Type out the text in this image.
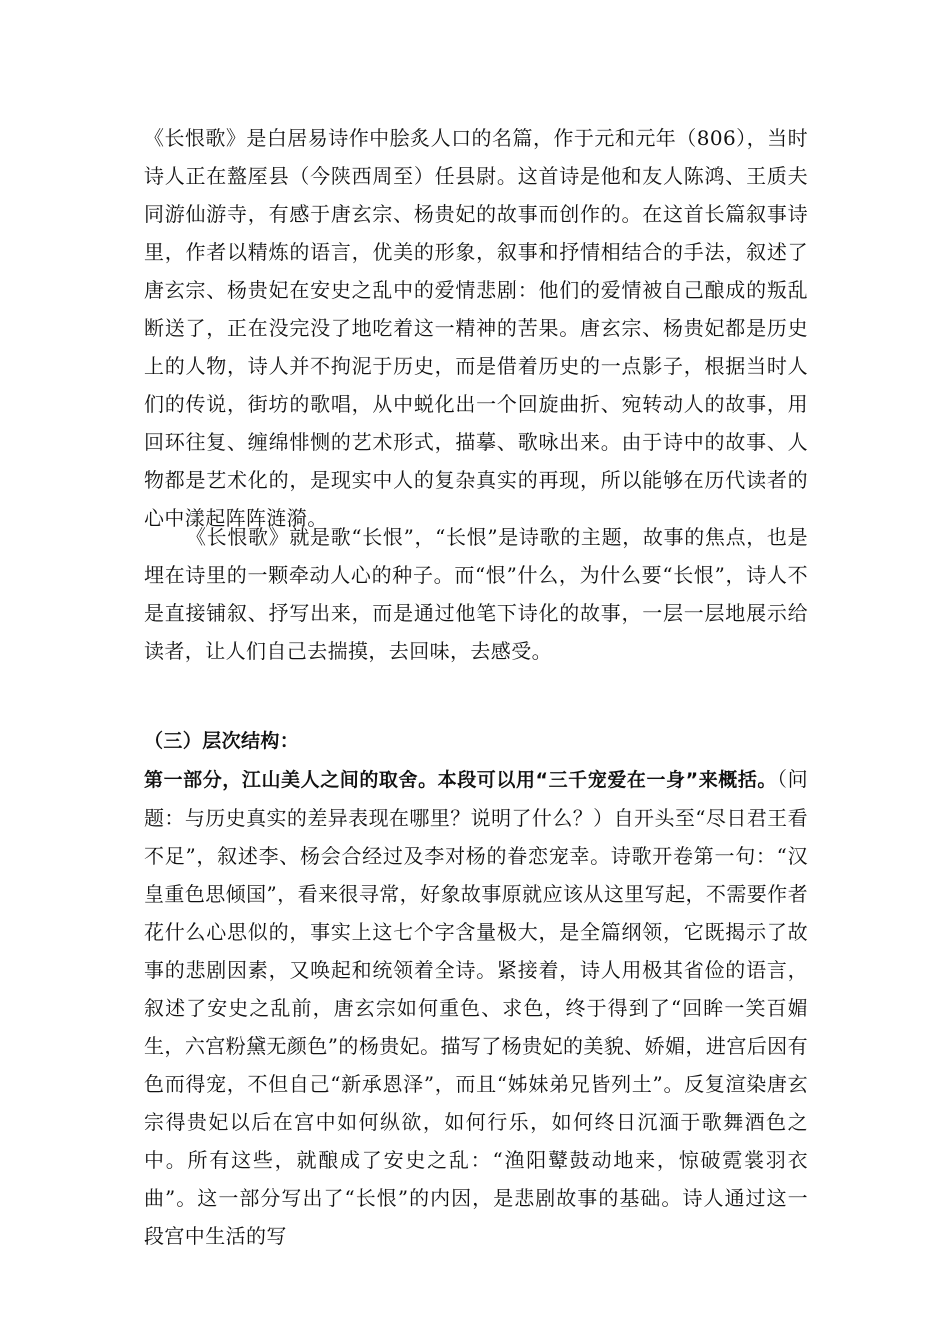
《长恨歌》是白居易诗作中脍炙人口的名篇，作于元和元年（806），当时诗人正在盩厔县（今陕西周至）任县尉。这首诗是他和友人陈鸿、王质夫同游仙游寺，有感于唐玄宗、杨贵妃的故事而创作的。在这首长篇叙事诗里，作者以精炼的语言，优美的形象，叙事和抒情相结合的手法，叙述了唐玄宗、杨贵妃在安史之乱中的爱情悲剧：他们的爱情被自己酿成的叛乱断送了，正在没完没了地吃着这一精神的苦果。唐玄宗、杨贵妃都是历史上的人物，诗人并不拘泥于历史，而是借着历史的一点影子，根据当时人们的传说，街坊的歌唱，从中蜕化出一个回旋曲折、宛转动人的故事，用回环往复、缠绵悱恻的艺术形式，描摹、歌咏出来。由于诗中的故事、人物都是艺术化的，是现实中人的复杂真实的再现，所以能够在历代读者的心中漾起阵阵涟漪。

《长恨歌》就是歌“长恨”，“长恨”是诗歌的主题，故事的焦点，也是埋在诗里的一颗牵动人心的种子。而“恨”什么，为什么要“长恨”，诗人不是直接铺叙、抒写出来，而是通过他笔下诗化的故事，一层一层地展示给读者，让人们自己去揣摸，去回味，去感受。

（三）层次结构：

第一部分，江山美人之间的取舍。本段可以用“三千宠爱在一身”来概括。（问题：与历史真实的差异表现在哪里？说明了什么？）自开头至“尽日君王看不足”，叙述李、杨会合经过及李对杨的眷恋宠幸。诗歌开卷第一句：“汉皇重色思倾国”，看来很寻常，好象故事原就应该从这里写起，不需要作者花什么心思似的，事实上这七个字含量极大，是全篇纲领，它既揭示了故事的悲剧因素，又唤起和统领着全诗。紧接着，诗人用极其省俭的语言，叙述了安史之乱前，唐玄宗如何重色、求色，终于得到了“回眸一笑百媚生，六宫粉黛无颜色”的杨贵妃。描写了杨贵妃的美貌、娇媚，进宫后因有色而得宠，不但自己“新承恩泽”，而且“姊妹弟兄皆列土”。反复渲染唐玄宗得贵妃以后在宫中如何纵欲，如何行乐，如何终日沉湎于歌舞酒色之中。所有这些，就酿成了安史之乱：“渔阳鼙鼓动地来，惊破霓裳羽衣曲”。这一部分写出了“长恨”的内因，是悲剧故事的基础。诗人通过这一段宫中生活的写
